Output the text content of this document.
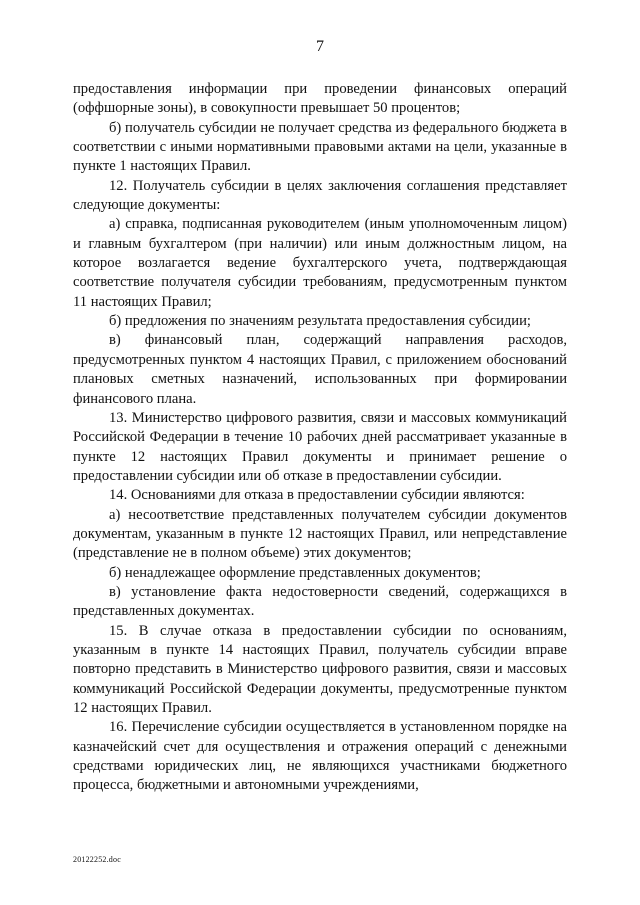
7

предоставления информации при проведении финансовых операций (оффшорные зоны), в совокупности превышает 50 процентов;

б) получатель субсидии не получает средства из федерального бюджета в соответствии с иными нормативными правовыми актами на цели, указанные в пункте 1 настоящих Правил.

12. Получатель субсидии в целях заключения соглашения представляет следующие документы:

а) справка, подписанная руководителем (иным уполномоченным лицом) и главным бухгалтером (при наличии) или иным должностным лицом, на которое возлагается ведение бухгалтерского учета, подтверждающая соответствие получателя субсидии требованиям, предусмотренным пунктом 11 настоящих Правил;

б) предложения по значениям результата предоставления субсидии;

в) финансовый план, содержащий направления расходов, предусмотренных пунктом 4 настоящих Правил, с приложением обоснований плановых сметных назначений, использованных при формировании финансового плана.

13. Министерство цифрового развития, связи и массовых коммуникаций Российской Федерации в течение 10 рабочих дней рассматривает указанные в пункте 12 настоящих Правил документы и принимает решение о предоставлении субсидии или об отказе в предоставлении субсидии.

14. Основаниями для отказа в предоставлении субсидии являются:

а) несоответствие представленных получателем субсидии документов документам, указанным в пункте 12 настоящих Правил, или непредставление (представление не в полном объеме) этих документов;

б) ненадлежащее оформление представленных документов;

в) установление факта недостоверности сведений, содержащихся в представленных документах.

15. В случае отказа в предоставлении субсидии по основаниям, указанным в пункте 14 настоящих Правил, получатель субсидии вправе повторно представить в Министерство цифрового развития, связи и массовых коммуникаций Российской Федерации документы, предусмотренные пунктом 12 настоящих Правил.

16. Перечисление субсидии осуществляется в установленном порядке на казначейский счет для осуществления и отражения операций с денежными средствами юридических лиц, не являющихся участниками бюджетного процесса, бюджетными и автономными учреждениями,

20122252.doc
